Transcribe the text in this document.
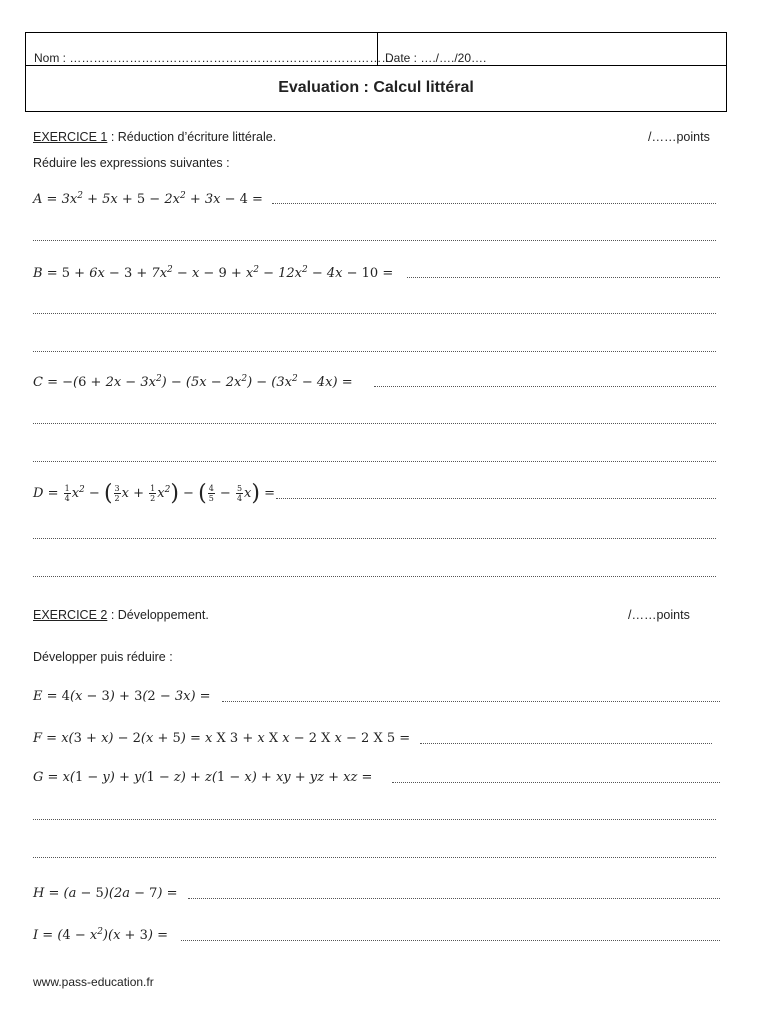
Nom : ………………………………………………………………………
Date : …./…./20….
Evaluation : Calcul littéral
EXERCICE 1 : Réduction d’écriture littérale.	/……points
Réduire les expressions suivantes :
$A = 3x^2 + 5x + 5 - 2x^2 + 3x - 4$ =
$B = 5 + 6x - 3 + 7x^2 - x - 9 + x^2 - 12x^2 - 4x - 10$ =
$C = -(6 + 2x - 3x^2) - (5x - 2x^2) - (3x^2 - 4x)$ =
$D = \frac{1}{4} x^2$ − ( $\frac{3}{2}$ $x + \frac{1}{2} x^2$) − ( $\frac{4}{5} - \frac{5}{4} x$) =
EXERCICE 2 : Développement.	/……points
Développer puis réduire :
E = 4(x − 3) + 3(2 − 3x) =
F = x(3 + x) − 2(x + 5) = x X 3 + x X x − 2 X x − 2 X 5 =
G = x(1 − y) + y(1 − z) + z(1 − x) + xy + yz + xz =
H = (a − 5)(2a − 7) =
$I = (4 - x^2)(x + 3)$ =
www.pass-education.fr
